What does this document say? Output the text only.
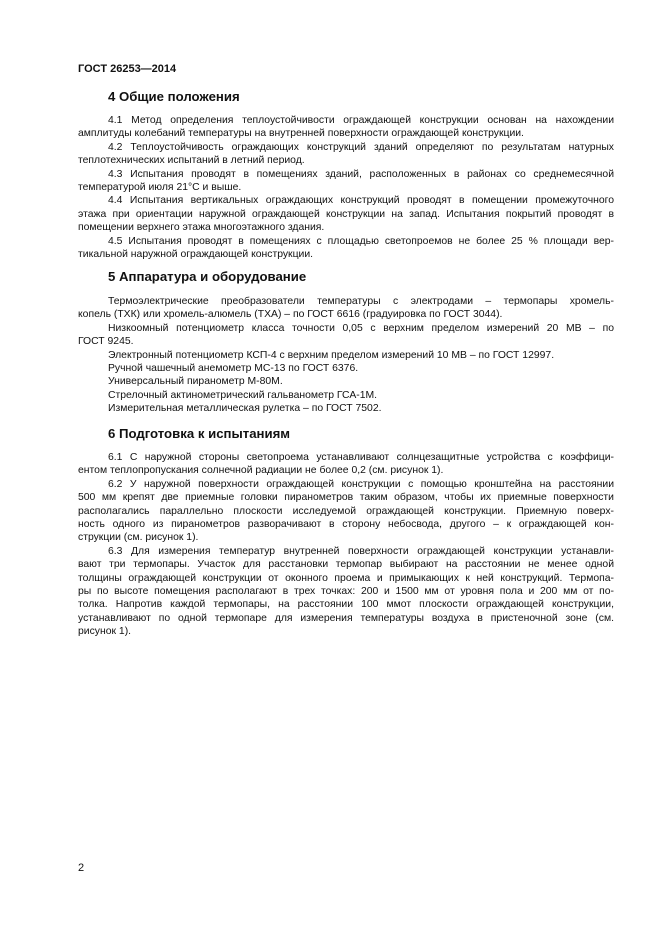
ГОСТ 26253—2014
4 Общие положения
4.1 Метод определения теплоустойчивости ограждающей конструкции основан на нахождении
амплитуды колебаний температуры на внутренней поверхности ограждающей конструкции.
4.2 Теплоустойчивость ограждающих конструкций зданий определяют по результатам натурных
теплотехнических испытаний в летний период.
4.3 Испытания проводят в помещениях зданий, расположенных в районах со среднемесячной
температурой июля 21°С и выше.
4.4 Испытания вертикальных ограждающих конструкций проводят в помещении промежуточного
этажа при ориентации наружной ограждающей конструкции на запад. Испытания покрытий проводят в
помещении верхнего этажа многоэтажного здания.
4.5 Испытания проводят в помещениях с площадью светопроемов не более 25 % площади вер-
тикальной наружной ограждающей конструкции.
5 Аппаратура и оборудование
Термоэлектрические преобразователи температуры с электродами – термопары хромель-
копель (ТХК) или хромель-алюмель (ТХА) – по ГОСТ 6616 (градуировка по ГОСТ 3044).
Низкоомный потенциометр класса точности 0,05 с верхним пределом измерений 20 МВ – по
ГОСТ 9245.
Электронный потенциометр КСП-4 с верхним пределом измерений 10 МВ – по ГОСТ 12997.
Ручной чашечный анемометр МС-13 по ГОСТ 6376.
Универсальный пиранометр М-80М.
Стрелочный актинометрический гальванометр ГСА-1М.
Измерительная металлическая рулетка – по ГОСТ 7502.
6 Подготовка к испытаниям
6.1 С наружной стороны светопроема устанавливают солнцезащитные устройства с коэффици-
ентом теплопропускания солнечной радиации не более 0,2 (см. рисунок 1).
6.2 У наружной поверхности ограждающей конструкции с помощью кронштейна на расстоянии
500 мм крепят две приемные головки пиранометров таким образом, чтобы их приемные поверхности
располагались параллельно плоскости исследуемой ограждающей конструкции. Приемную поверх-
ность одного из пиранометров разворачивают в сторону небосвода, другого – к ограждающей кон-
струкции (см. рисунок 1).
6.3 Для измерения температур внутренней поверхности ограждающей конструкции устанавли-
вают три термопары. Участок для расстановки термопар выбирают на расстоянии не менее одной
толщины ограждающей конструкции от оконного проема и примыкающих к ней конструкций. Термопа-
ры по высоте помещения располагают в трех точках: 200 и 1500 мм от уровня пола и 200 мм от по-
толка. Напротив каждой термопары, на расстоянии 100 ммот плоскости ограждающей конструкции,
устанавливают по одной термопаре для измерения температуры воздуха в пристеночной зоне (см.
рисунок 1).
2
